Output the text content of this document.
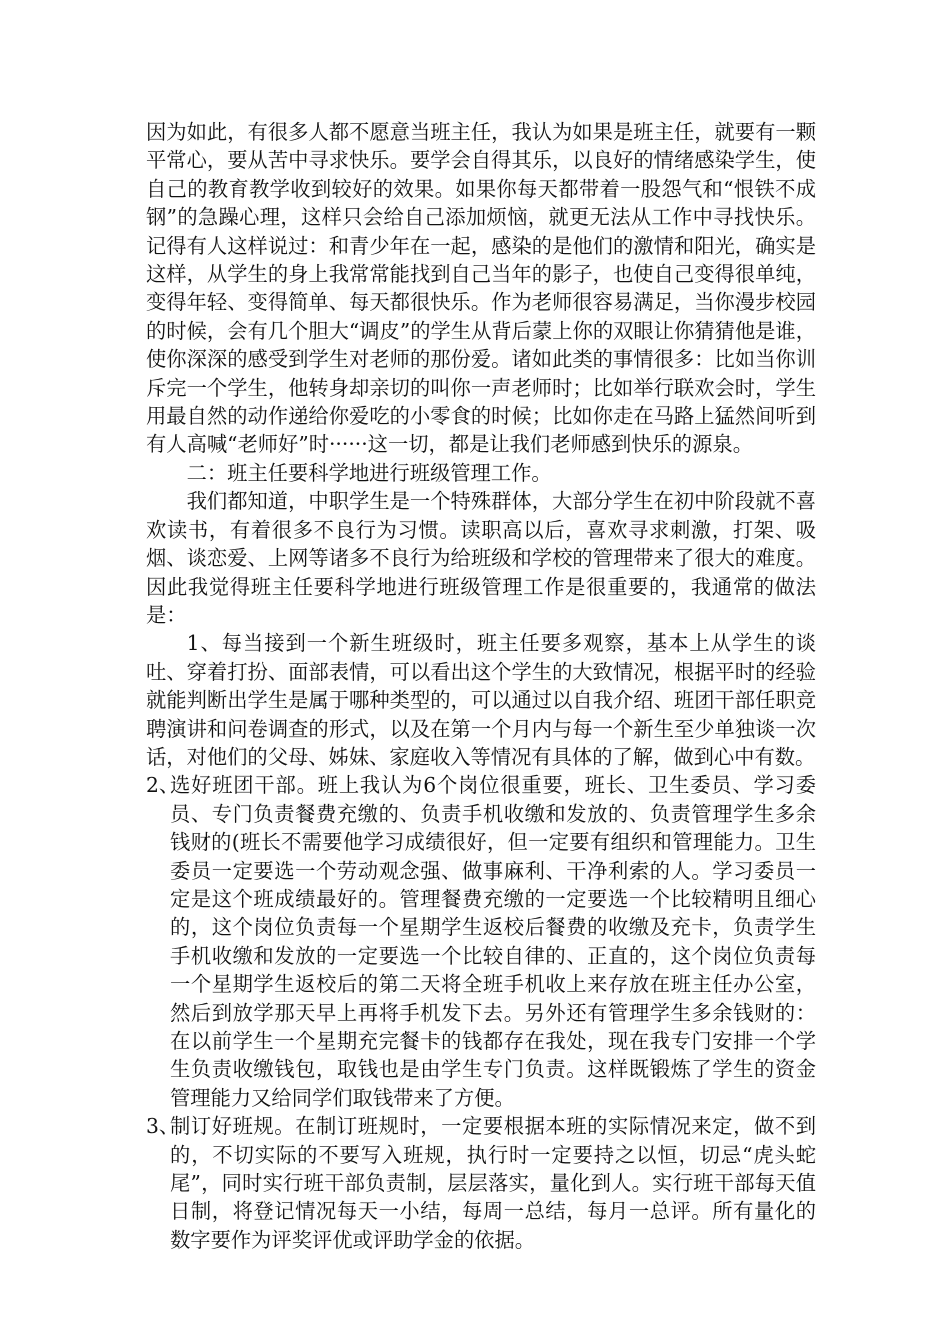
因为如此，有很多人都不愿意当班主任，我认为如果是班主任，就要有一颗平常心，要从苦中寻求快乐。要学会自得其乐，以良好的情绪感染学生，使自己的教育教学收到较好的效果。如果你每天都带着一股怨气和“恨铁不成钢”的急躁心理，这样只会给自己添加烦恼，就更无法从工作中寻找快乐。记得有人这样说过：和青少年在一起，感染的是他们的激情和阳光，确实是这样，从学生的身上我常常能找到自己当年的影子，也使自己变得很单纯，变得年轻、变得简单、每天都很快乐。作为老师很容易满足，当你漫步校园的时候，会有几个胆大“调皮”的学生从背后蒙上你的双眼让你猜猜他是谁，使你深深的感受到学生对老师的那份爱。诸如此类的事情很多：比如当你训斥完一个学生，他转身却亲切的叫你一声老师时；比如举行联欢会时，学生用最自然的动作递给你爱吃的小零食的时候；比如你走在马路上猛然间听到有人高喊“老师好”时······这一切，都是让我们老师感到快乐的源泉。

二：班主任要科学地进行班级管理工作。

我们都知道，中职学生是一个特殊群体，大部分学生在初中阶段就不喜欢读书，有着很多不良行为习惯。读职高以后，喜欢寻求刺激，打架、吸烟、谈恋爱、上网等诸多不良行为给班级和学校的管理带来了很大的难度。因此我觉得班主任要科学地进行班级管理工作是很重要的，我通常的做法是：

1、每当接到一个新生班级时，班主任要多观察，基本上从学生的谈吐、穿着打扮、面部表情，可以看出这个学生的大致情况，根据平时的经验就能判断出学生是属于哪种类型的，可以通过以自我介绍、班团干部任职竞聘演讲和问卷调查的形式，以及在第一个月内与每一个新生至少单独谈一次话，对他们的父母、姊妹、家庭收入等情况有具体的了解，做到心中有数。

2、

选好班团干部。班上我认为6个岗位很重要，班长、卫生委员、学习委员、专门负责餐费充缴的、负责手机收缴和发放的、负责管理学生多余钱财的(班长不需要他学习成绩很好，但一定要有组织和管理能力。卫生委员一定要选一个劳动观念强、做事麻利、干净利索的人。学习委员一定是这个班成绩最好的。管理餐费充缴的一定要选一个比较精明且细心的，这个岗位负责每一个星期学生返校后餐费的收缴及充卡，负责学生手机收缴和发放的一定要选一个比较自律的、正直的，这个岗位负责每一个星期学生返校后的第二天将全班手机收上来存放在班主任办公室，然后到放学那天早上再将手机发下去。另外还有管理学生多余钱财的：在以前学生一个星期充完餐卡的钱都存在我处，现在我专门安排一个学生负责收缴钱包，取钱也是由学生专门负责。这样既锻炼了学生的资金管理能力又给同学们取钱带来了方便。

3、

制订好班规。在制订班规时，一定要根据本班的实际情况来定，做不到的，不切实际的不要写入班规，执行时一定要持之以恒，切忌“虎头蛇尾”，同时实行班干部负责制，层层落实，量化到人。实行班干部每天值日制，将登记情况每天一小结，每周一总结，每月一总评。所有量化的数字要作为评奖评优或评助学金的依据。
